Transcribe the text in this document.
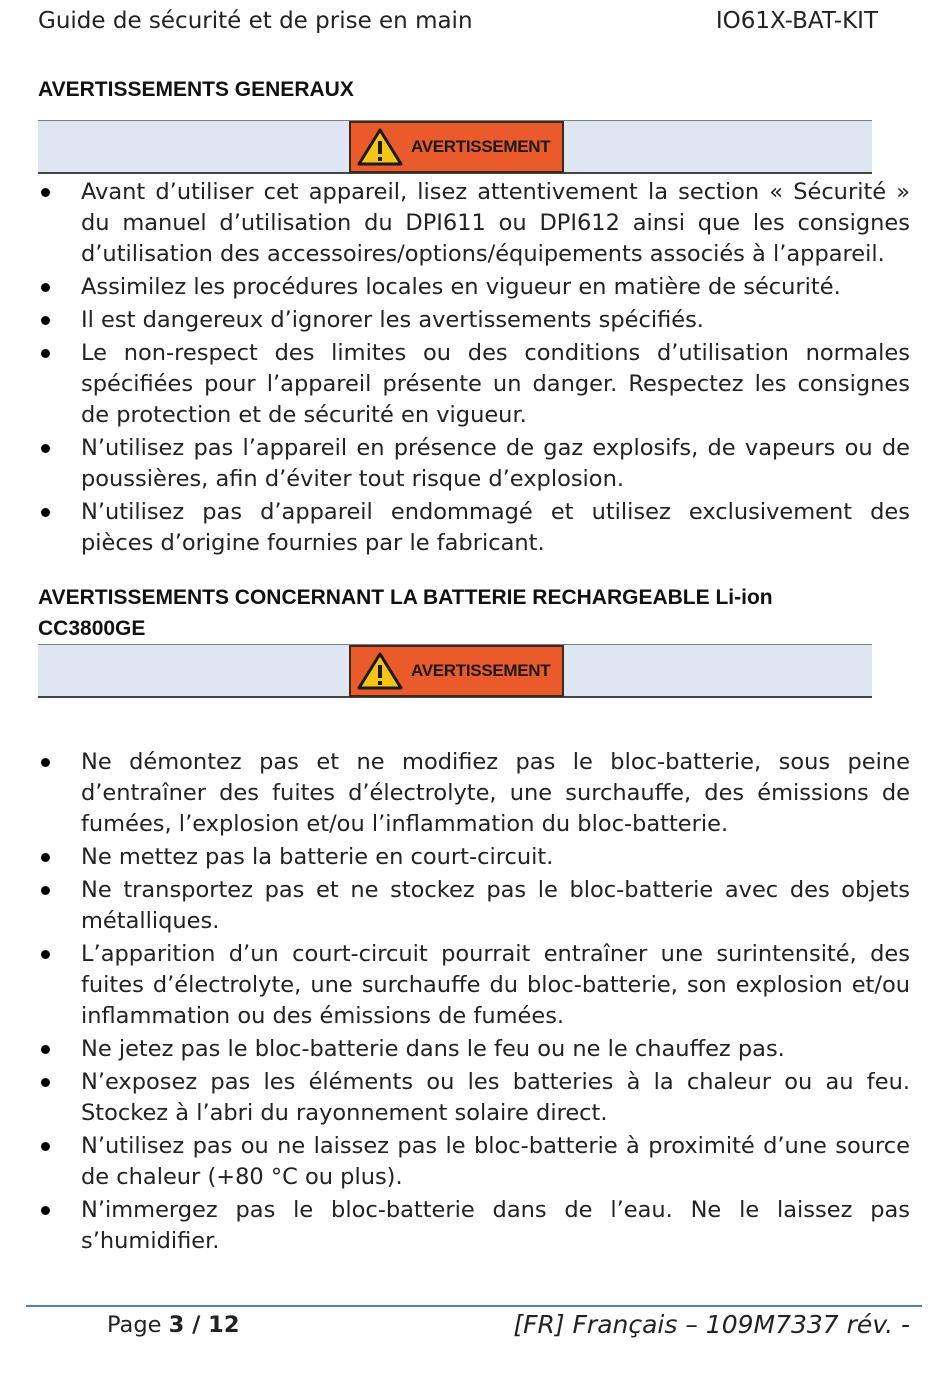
Guide de sécurité et de prise en main	IO61X-BAT-KIT
AVERTISSEMENTS GENERAUX
AVERTISSEMENT
Avant d’utiliser cet appareil, lisez attentivement la section « Sécurité » du manuel d’utilisation du DPI611 ou DPI612 ainsi que les consignes d’utilisation des accessoires/options/équipements associés à l’appareil.
Assimilez les procédures locales en vigueur en matière de sécurité.
Il est dangereux d’ignorer les avertissements spécifiés.
Le non-respect des limites ou des conditions d’utilisation normales spécifiées pour l’appareil présente un danger. Respectez les consignes de protection et de sécurité en vigueur.
N’utilisez pas l’appareil en présence de gaz explosifs, de vapeurs ou de poussières, afin d’éviter tout risque d’explosion.
N’utilisez pas d’appareil endommagé et utilisez exclusivement des pièces d’origine fournies par le fabricant.
AVERTISSEMENTS CONCERNANT LA BATTERIE RECHARGEABLE Li-ion
CC3800GE
AVERTISSEMENT
Ne démontez pas et ne modifiez pas le bloc-batterie, sous peine d’entraîner des fuites d’électrolyte, une surchauffe, des émissions de fumées, l’explosion et/ou l’inflammation du bloc-batterie.
Ne mettez pas la batterie en court-circuit.
Ne transportez pas et ne stockez pas le bloc-batterie avec des objets métalliques.
L’apparition d’un court-circuit pourrait entraîner une surintensité, des fuites d’électrolyte, une surchauffe du bloc-batterie, son explosion et/ou inflammation ou des émissions de fumées.
Ne jetez pas le bloc-batterie dans le feu ou ne le chauffez pas.
N’exposez pas les éléments ou les batteries à la chaleur ou au feu. Stockez à l’abri du rayonnement solaire direct.
N’utilisez pas ou ne laissez pas le bloc-batterie à proximité d’une source de chaleur (+80 °C ou plus).
N’immergez pas le bloc-batterie dans de l’eau. Ne le laissez pas s’humidifier.
Page 3 / 12	[FR] Français – 109M7337 rév. -
